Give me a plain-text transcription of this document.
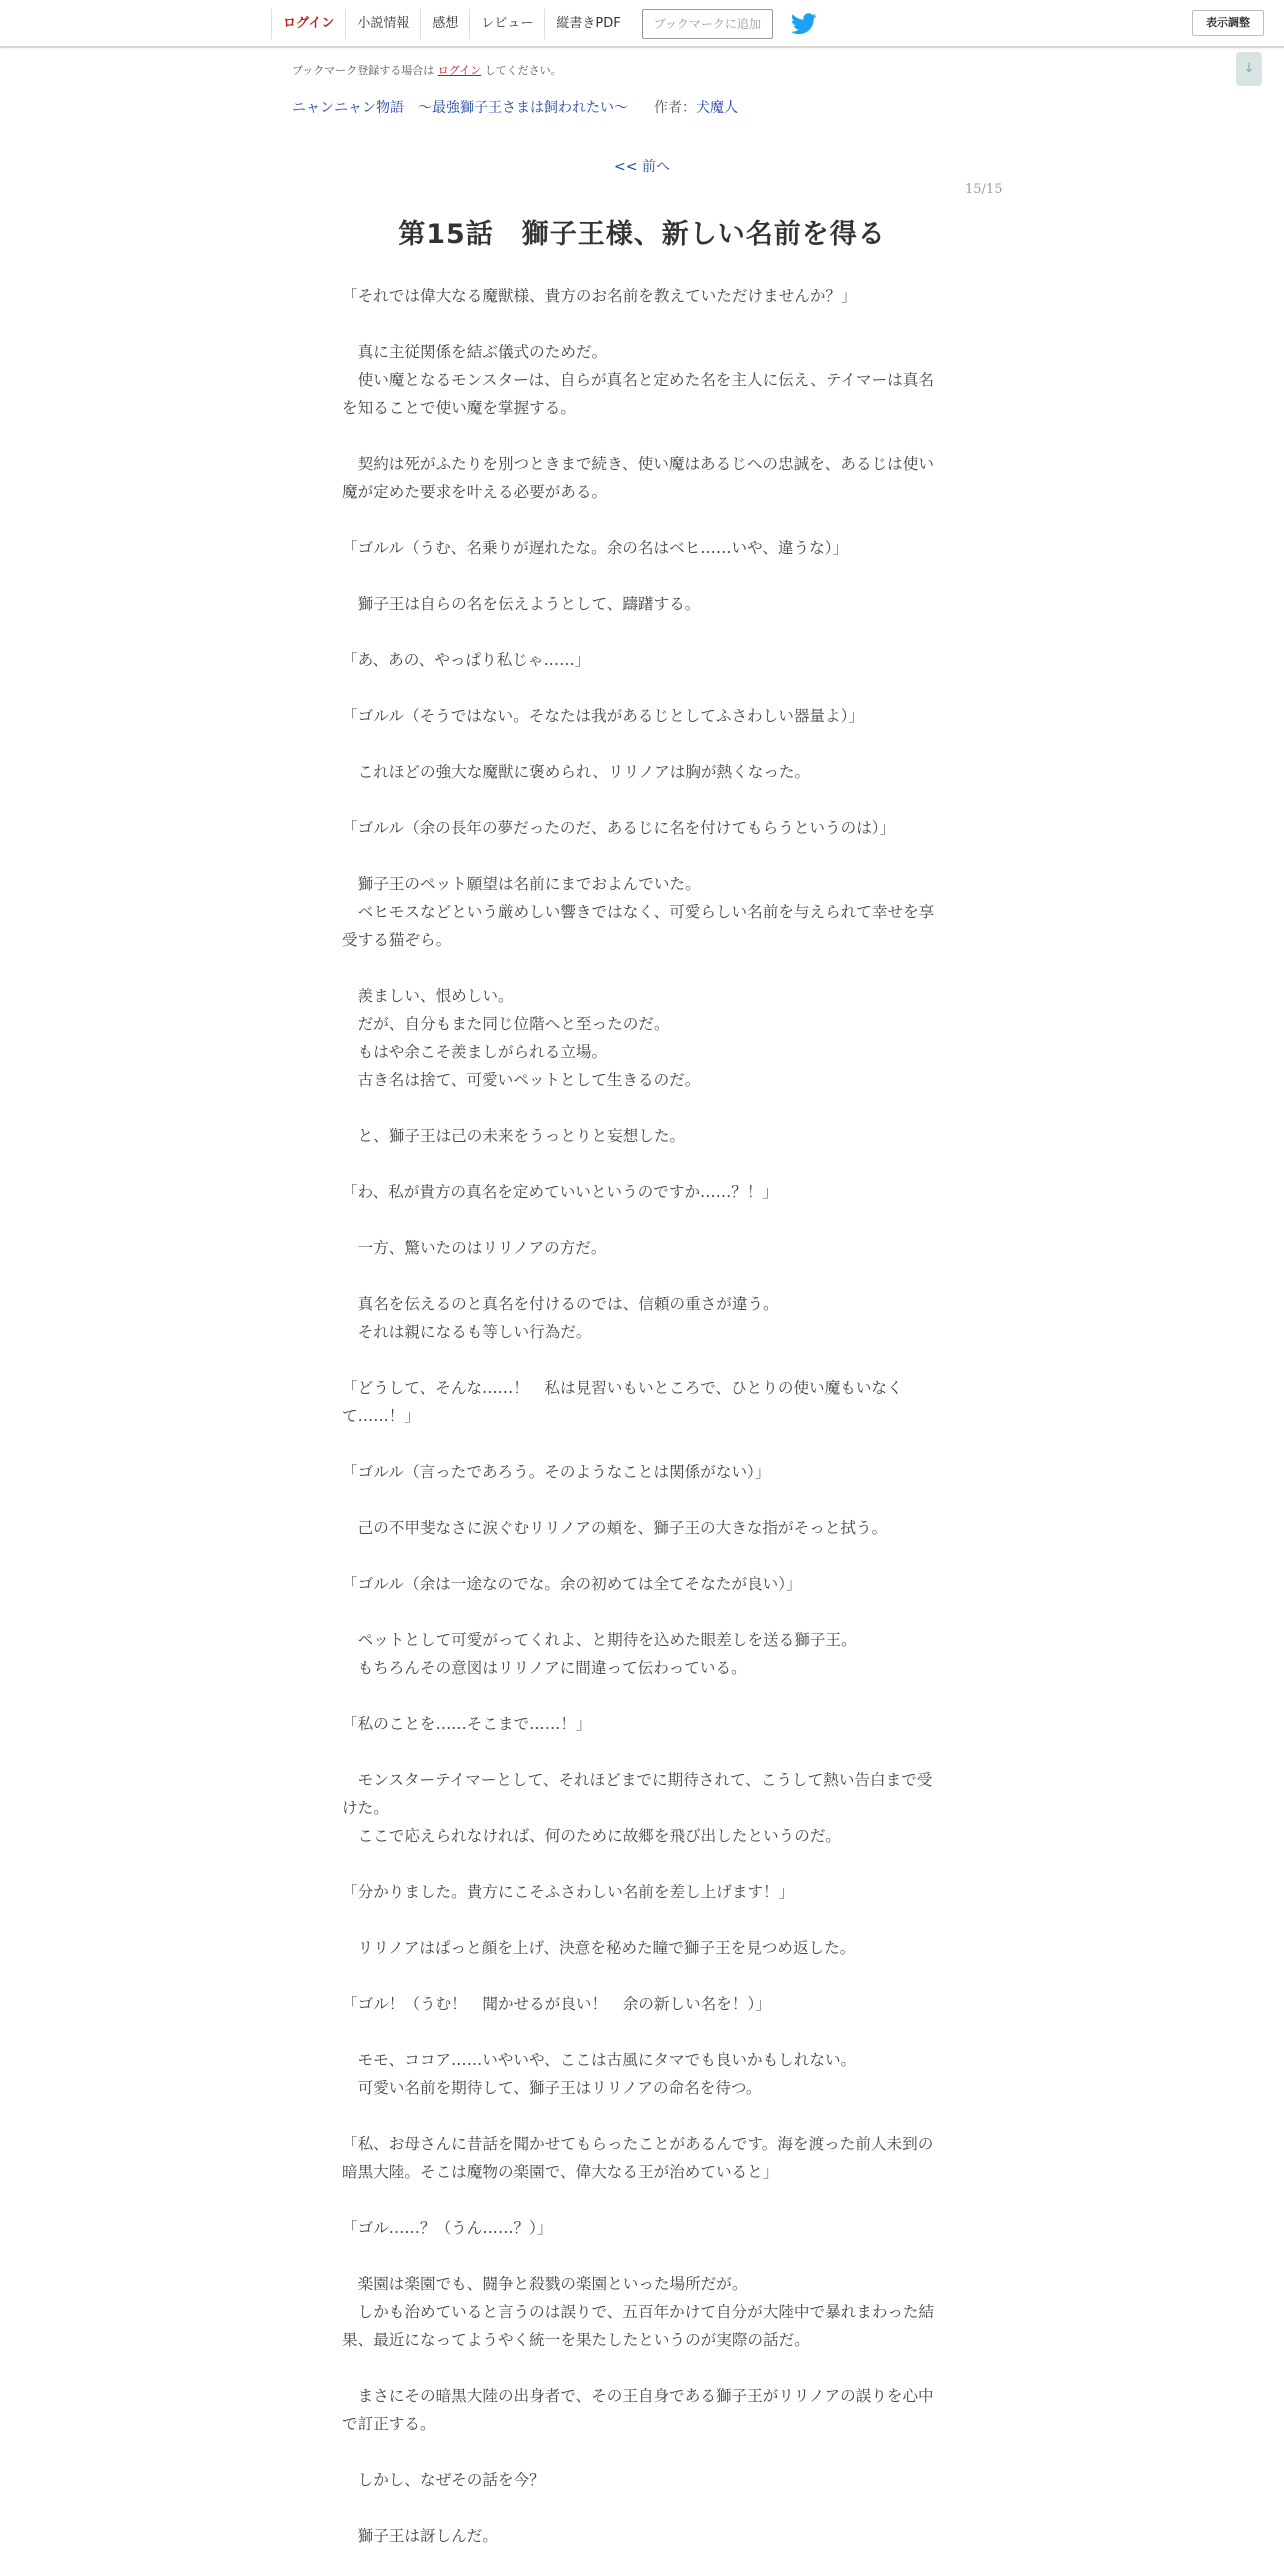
ログイン	小説情報	感想	レビュー	縦書きPDF	ブックマークに追加	表示調整
↓
ブックマーク登録する場合は ログイン してください。
ニャンニャン物語　～最強獅子王さまは飼われたい～ 作者：犬魔人
<< 前へ
15/15
第15話　獅子王様、新しい名前を得る

「それでは偉大なる魔獣様、貴方のお名前を教えていただけませんか？」

　真に主従関係を結ぶ儀式のためだ。

　使い魔となるモンスターは、自らが真名と定めた名を主人に伝え、テイマーは真名を知ることで使い魔を掌握する。

　契約は死がふたりを別つときまで続き、使い魔はあるじへの忠誠を、あるじは使い魔が定めた要求を叶える必要がある。

「ゴルル（うむ、名乗りが遅れたな。余の名はベヒ……いや、違うな）」

　獅子王は自らの名を伝えようとして、躊躇する。

「あ、あの、やっぱり私じゃ……」

「ゴルル（そうではない。そなたは我があるじとしてふさわしい器量よ）」

　これほどの強大な魔獣に褒められ、リリノアは胸が熱くなった。

「ゴルル（余の長年の夢だったのだ、あるじに名を付けてもらうというのは）」

　獅子王のペット願望は名前にまでおよんでいた。

　ベヒモスなどという厳めしい響きではなく、可愛らしい名前を与えられて幸せを享受する猫ぞら。

　羨ましい、恨めしい。

　だが、自分もまた同じ位階へと至ったのだ。

　もはや余こそ羨ましがられる立場。

　古き名は捨て、可愛いペットとして生きるのだ。

　と、獅子王は己の未来をうっとりと妄想した。

「わ、私が貴方の真名を定めていいというのですか……？！」

　一方、驚いたのはリリノアの方だ。

　真名を伝えるのと真名を付けるのでは、信頼の重さが違う。

　それは親になるも等しい行為だ。

「どうして、そんな……！　私は見習いもいところで、ひとりの使い魔もいなくて……！」

「ゴルル（言ったであろう。そのようなことは関係がない）」

　己の不甲斐なさに涙ぐむリリノアの頬を、獅子王の大きな指がそっと拭う。

「ゴルル（余は一途なのでな。余の初めては全てそなたが良い）」

　ペットとして可愛がってくれよ、と期待を込めた眼差しを送る獅子王。

　もちろんその意図はリリノアに間違って伝わっている。

「私のことを……そこまで……！」

　モンスターテイマーとして、それほどまでに期待されて、こうして熱い告白まで受けた。

　ここで応えられなければ、何のために故郷を飛び出したというのだ。

「分かりました。貴方にこそふさわしい名前を差し上げます！」

　リリノアはぱっと顔を上げ、決意を秘めた瞳で獅子王を見つめ返した。

「ゴル！（うむ！　聞かせるが良い！　余の新しい名を！）」

　モモ、ココア……いやいや、ここは古風にタマでも良いかもしれない。

　可愛い名前を期待して、獅子王はリリノアの命名を待つ。

「私、お母さんに昔話を聞かせてもらったことがあるんです。海を渡った前人未到の暗黒大陸。そこは魔物の楽園で、偉大なる王が治めていると」

「ゴル……？（うん……？）」

　楽園は楽園でも、闘争と殺戮の楽園といった場所だが。

　しかも治めていると言うのは誤りで、五百年かけて自分が大陸中で暴れまわった結果、最近になってようやく統一を果たしたというのが実際の話だ。

　まさにその暗黒大陸の出身者で、その王自身である獅子王がリリノアの誤りを心中で訂正する。

　しかし、なぜその話を今？

　獅子王は訝しんだ。
